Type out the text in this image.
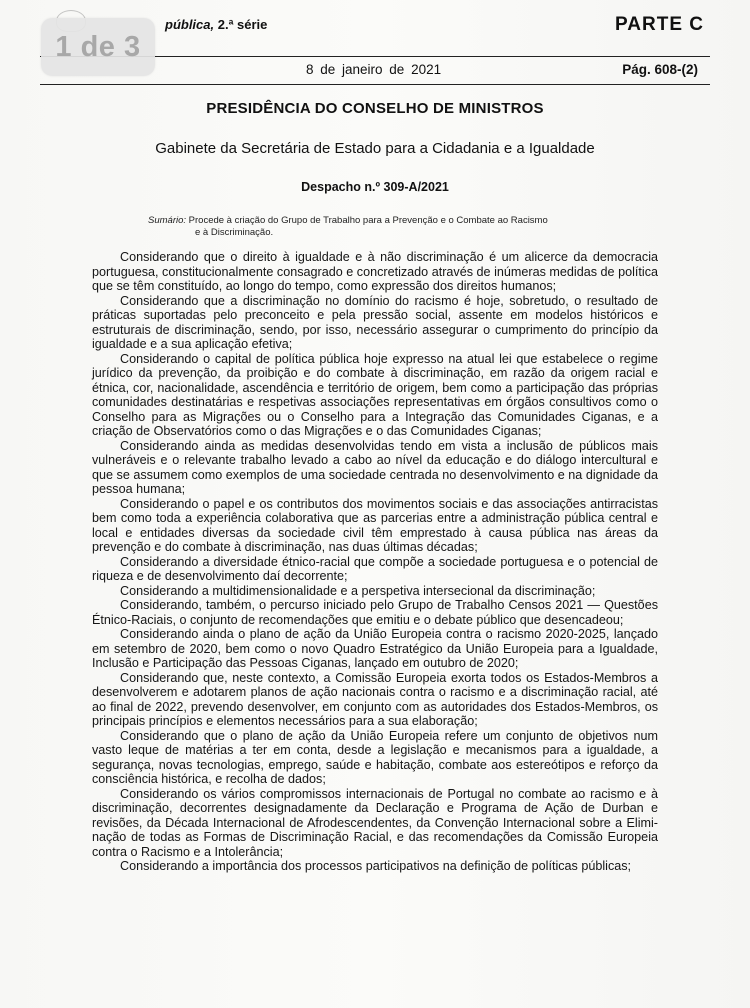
pública, 2.ª série	PARTE C
8 de janeiro de 2021	Pág. 608-(2)
1 de 3
PRESIDÊNCIA DO CONSELHO DE MINISTROS
Gabinete da Secretária de Estado para a Cidadania e a Igualdade
Despacho n.º 309-A/2021
Sumário: Procede à criação do Grupo de Trabalho para a Prevenção e o Combate ao Racismo
e à Discriminação.

Considerando que o direito à igualdade e à não discriminação é um alicerce da democracia portuguesa, constitucionalmente consagrado e concretizado através de inúmeras medidas de política que se têm constituído, ao longo do tempo, como expressão dos direitos humanos;

Considerando que a discriminação no domínio do racismo é hoje, sobretudo, o resultado de práticas suportadas pelo preconceito e pela pressão social, assente em modelos históricos e estruturais de discriminação, sendo, por isso, necessário assegurar o cumprimento do princípio da igualdade e a sua aplicação efetiva;

Considerando o capital de política pública hoje expresso na atual lei que estabelece o regime jurídico da prevenção, da proibição e do combate à discriminação, em razão da origem racial e étnica, cor, nacionalidade, ascendência e território de origem, bem como a participação das próprias comunidades destinatárias e respetivas associações representativas em órgãos consultivos como o Conselho para as Migrações ou o Conselho para a Integração das Comunidades Ciganas, e a criação de Observatórios como o das Migrações e o das Comunidades Ciganas;

Considerando ainda as medidas desenvolvidas tendo em vista a inclusão de públicos mais vulneráveis e o relevante trabalho levado a cabo ao nível da educação e do diálogo intercultural e que se assumem como exemplos de uma sociedade centrada no desenvolvimento e na dignidade da pessoa humana;

Considerando o papel e os contributos dos movimentos sociais e das associações antirracistas bem como toda a experiência colaborativa que as parcerias entre a administração pública central e local e entidades diversas da sociedade civil têm emprestado à causa pública nas áreas da prevenção e do combate à discriminação, nas duas últimas décadas;

Considerando a diversidade étnico-racial que compõe a sociedade portuguesa e o potencial de riqueza e de desenvolvimento daí decorrente;

Considerando a multidimensionalidade e a perspetiva intersecional da discriminação;

Considerando, também, o percurso iniciado pelo Grupo de Trabalho Censos 2021 — Questões Étnico-Raciais, o conjunto de recomendações que emitiu e o debate público que desencadeou;

Considerando ainda o plano de ação da União Europeia contra o racismo 2020-2025, lançado em setembro de 2020, bem como o novo Quadro Estratégico da União Europeia para a Igualdade, Inclusão e Participação das Pessoas Ciganas, lançado em outubro de 2020;

Considerando que, neste contexto, a Comissão Europeia exorta todos os Estados-Membros a desenvolverem e adotarem planos de ação nacionais contra o racismo e a discriminação racial, até ao final de 2022, prevendo desenvolver, em conjunto com as autoridades dos Estados-Membros, os principais princípios e elementos necessários para a sua elaboração;

Considerando que o plano de ação da União Europeia refere um conjunto de objetivos num vasto leque de matérias a ter em conta, desde a legislação e mecanismos para a igualdade, a segurança, novas tecnologias, emprego, saúde e habitação, combate aos estereótipos e reforço da consciência histórica, e recolha de dados;

Considerando os vários compromissos internacionais de Portugal no combate ao racismo e à discriminação, decorrentes designadamente da Declaração e Programa de Ação de Durban e revisões, da Década Internacional de Afrodescendentes, da Convenção Internacional sobre a Eliminação de todas as Formas de Discriminação Racial, e das recomendações da Comissão Europeia contra o Racismo e a Intolerância;

Considerando a importância dos processos participativos na definição de políticas públicas;
